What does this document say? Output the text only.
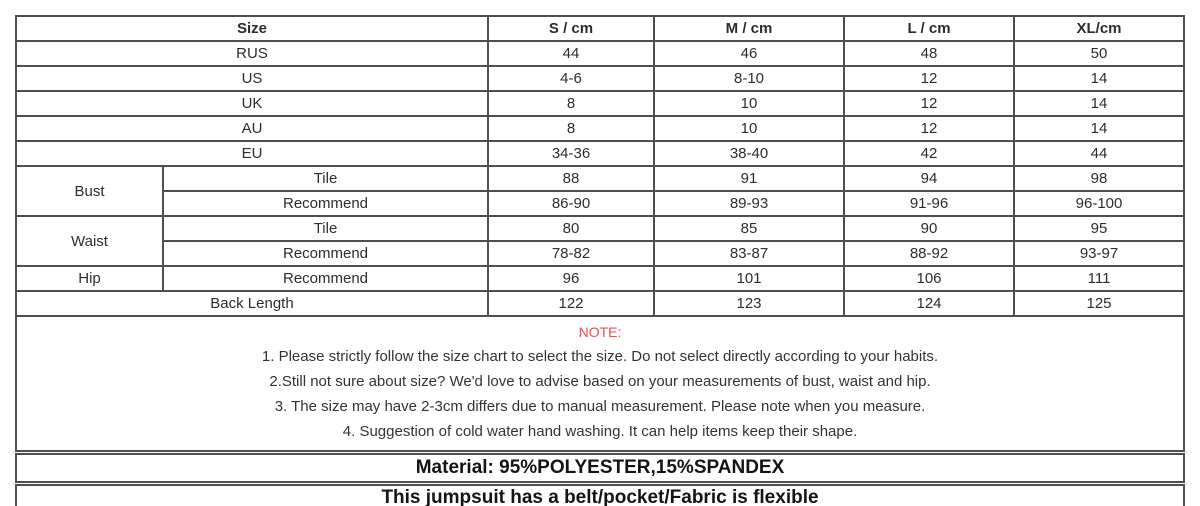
Size		S / cm	M / cm	L / cm	XL/cm
RUS		44	46	48	50
US		4-6	8-10	12	14
UK		8	10	12	14
AU		8	10	12	14
EU		34-36	38-40	42	44
Bust	Tile	88	91	94	98
	Recommend	86-90	89-93	91-96	96-100
Waist	Tile	80	85	90	95
	Recommend	78-82	83-87	88-92	93-97
Hip	Recommend	96	101	106	111
Back Length		122	123	124	125

NOTE:
1. Please strictly follow the size chart to select the size. Do not select directly according to your habits.
2.Still not sure about size? We'd love to advise based on your measurements of bust, waist and hip.
3. The size may have 2-3cm differs due to manual measurement. Please note when you measure.
4. Suggestion of cold water hand washing. It can help items keep their shape.					

Material: 95%POLYESTER,15%SPANDEX					
This jumpsuit has a belt/pocket/Fabric is flexible					
